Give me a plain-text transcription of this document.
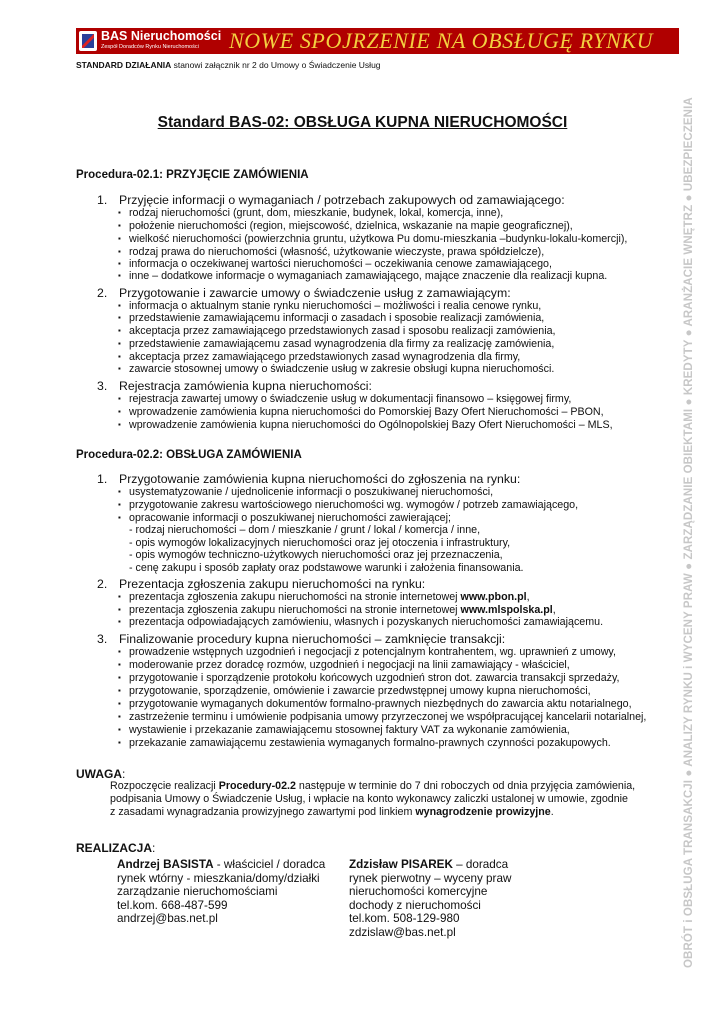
BAS Nieruchomości
Zespół Doradców Rynku Nieruchomości NOWE SPOJRZENIE NA OBSŁUGĘ RYNKU
STANDARD DZIAŁANIA stanowi załącznik nr 2 do Umowy o Świadczenie Usług
OBRÓT i OBSŁUGA TRANSAKCJI ● ANALIZY RYNKU i WYCENY PRAW ● ZARZĄDZANIE OBIEKTAMI ● KREDYTY ● ARANŻACIE WNĘTRZ ● UBEZPIECZENIA
Standard BAS-02: OBSŁUGA KUPNA NIERUCHOMOŚCI
Procedura-02.1: PRZYJĘCIE ZAMÓWIENIA
1. Przyjęcie informacji o wymaganiach / potrzebach zakupowych od zamawiającego:
▪ rodzaj nieruchomości (grunt, dom, mieszkanie, budynek, lokal, komercja, inne),
▪ położenie nieruchomości (region, miejscowość, dzielnica, wskazanie na mapie geograficznej),
▪ wielkość nieruchomości (powierzchnia gruntu, użytkowa Pu domu-mieszkania –budynku-lokalu-komercji),
▪ rodzaj prawa do nieruchomości (własność, użytkowanie wieczyste, prawa spółdzielcze),
▪ informacja o oczekiwanej wartości nieruchomości – oczekiwania cenowe zamawiającego,
▪ inne – dodatkowe informacje o wymaganiach zamawiającego, mające znaczenie dla realizacji kupna.
2. Przygotowanie i zawarcie umowy o świadczenie usług z zamawiającym:
▪ informacja o aktualnym stanie rynku nieruchomości – możliwości i realia cenowe rynku,
▪ przedstawienie zamawiającemu informacji o zasadach i sposobie realizacji zamówienia,
▪ akceptacja przez zamawiającego przedstawionych zasad i sposobu realizacji zamówienia,
▪ przedstawienie zamawiającemu zasad wynagrodzenia dla firmy za realizację zamówienia,
▪ akceptacja przez zamawiającego przedstawionych zasad wynagrodzenia dla firmy,
▪ zawarcie stosownej umowy o świadczenie usług w zakresie obsługi kupna nieruchomości.
3. Rejestracja zamówienia kupna nieruchomości:
▪ rejestracja zawartej umowy o świadczenie usług w dokumentacji finansowo – księgowej firmy,
▪ wprowadzenie zamówienia kupna nieruchomości do Pomorskiej Bazy Ofert Nieruchomości – PBON,
▪ wprowadzenie zamówienia kupna nieruchomości do Ogólnopolskiej Bazy Ofert Nieruchomości – MLS,
Procedura-02.2: OBSŁUGA ZAMÓWIENIA
1. Przygotowanie zamówienia kupna nieruchomości do zgłoszenia na rynku:
▪ usystematyzowanie / ujednolicenie informacji o poszukiwanej nieruchomości,
▪ przygotowanie zakresu wartościowego nieruchomości wg. wymogów / potrzeb zamawiającego,
▪ opracowanie informacji o poszukiwanej nieruchomości zawierającej;
- rodzaj nieruchomości – dom / mieszkanie / grunt / lokal / komercja / inne,
- opis wymogów lokalizacyjnych nieruchomości oraz jej otoczenia i infrastruktury,
- opis wymogów techniczno-użytkowych nieruchomości oraz jej przeznaczenia,
- cenę zakupu i sposób zapłaty oraz podstawowe warunki i założenia finansowania.
2. Prezentacja zgłoszenia zakupu nieruchomości na rynku:
▪ prezentacja zgłoszenia zakupu nieruchomości na stronie internetowej www.pbon.pl,
▪ prezentacja zgłoszenia zakupu nieruchomości na stronie internetowej www.mlspolska.pl,
▪ prezentacja odpowiadających zamówieniu, własnych i pozyskanych nieruchomości zamawiającemu.
3. Finalizowanie procedury kupna nieruchomości – zamknięcie transakcji:
▪ prowadzenie wstępnych uzgodnień i negocjacji z potencjalnym kontrahentem, wg. uprawnień z umowy,
▪ moderowanie przez doradcę rozmów, uzgodnień i negocjacji na linii zamawiający - właściciel,
▪ przygotowanie i sporządzenie protokołu końcowych uzgodnień stron dot. zawarcia transakcji sprzedaży,
▪ przygotowanie, sporządzenie, omówienie i zawarcie przedwstępnej umowy kupna nieruchomości,
▪ przygotowanie wymaganych dokumentów formalno-prawnych niezbędnych do zawarcia aktu notarialnego,
▪ zastrzeżenie terminu i umówienie podpisania umowy przyrzeczonej we współpracującej kancelarii notarialnej,
▪ wystawienie i przekazanie zamawiającemu stosownej faktury VAT za wykonanie zamówienia,
▪ przekazanie zamawiającemu zestawienia wymaganych formalno-prawnych czynności pozakupowych.
UWAGA:
Rozpoczęcie realizacji Procedury-02.2 następuje w terminie do 7 dni roboczych od dnia przyjęcia zamówienia,
podpisania Umowy o Świadczenie Usług, i wpłacie na konto wykonawcy zaliczki ustalonej w umowie, zgodnie
z zasadami wynagradzania prowizyjnego zawartymi pod linkiem wynagrodzenie prowizyjne.
REALIZACJA:
Andrzej BASISTA - właściciel / doradca
rynek wtórny - mieszkania/domy/działki
zarządzanie nieruchomościami
tel.kom. 668-487-599
andrzej@bas.net.pl
Zdzisław PISAREK – doradca
rynek pierwotny – wyceny praw
nieruchomości komercyjne
dochody z nieruchomości
tel.kom. 508-129-980
zdzislaw@bas.net.pl
